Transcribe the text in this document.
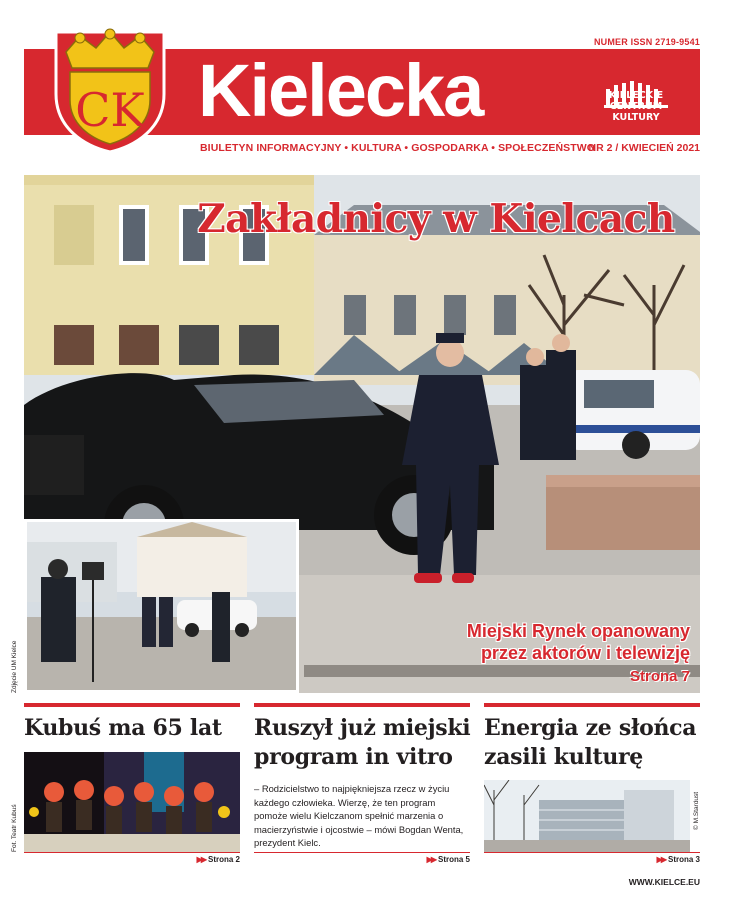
NUMER ISSN 2719-9541
CK Kielecka	KIELECKIE
CENTRUM
KULTURY
BIULETYN INFORMACYJNY • KULTURA • GOSPODARKA • SPOŁECZEŃSTWO
NR 2 / KWIECIEŃ 2021
Zakładnicy w Kielcach
Zdjęcie UM Kielce
Miejski Rynek opanowany
przez aktorów i telewizję
Strona 7
Kubuś ma 65 lat
Fot. Teatr Kubuś
▶▶ Strona 2
Ruszył już miejski
program in vitro
– Rodzicielstwo to najpiękniejsza rzecz w życiu każdego człowieka. Wierzę, że ten program pomoże wielu Kielczanom spełnić marzenia o macierzyństwie i ojcostwie – mówi Bogdan Wenta, prezydent Kielc.
▶▶ Strona 5
Energia ze słońca
zasili kulturę
© M.Stardust
▶▶ Strona 3
WWW.KIELCE.EU
